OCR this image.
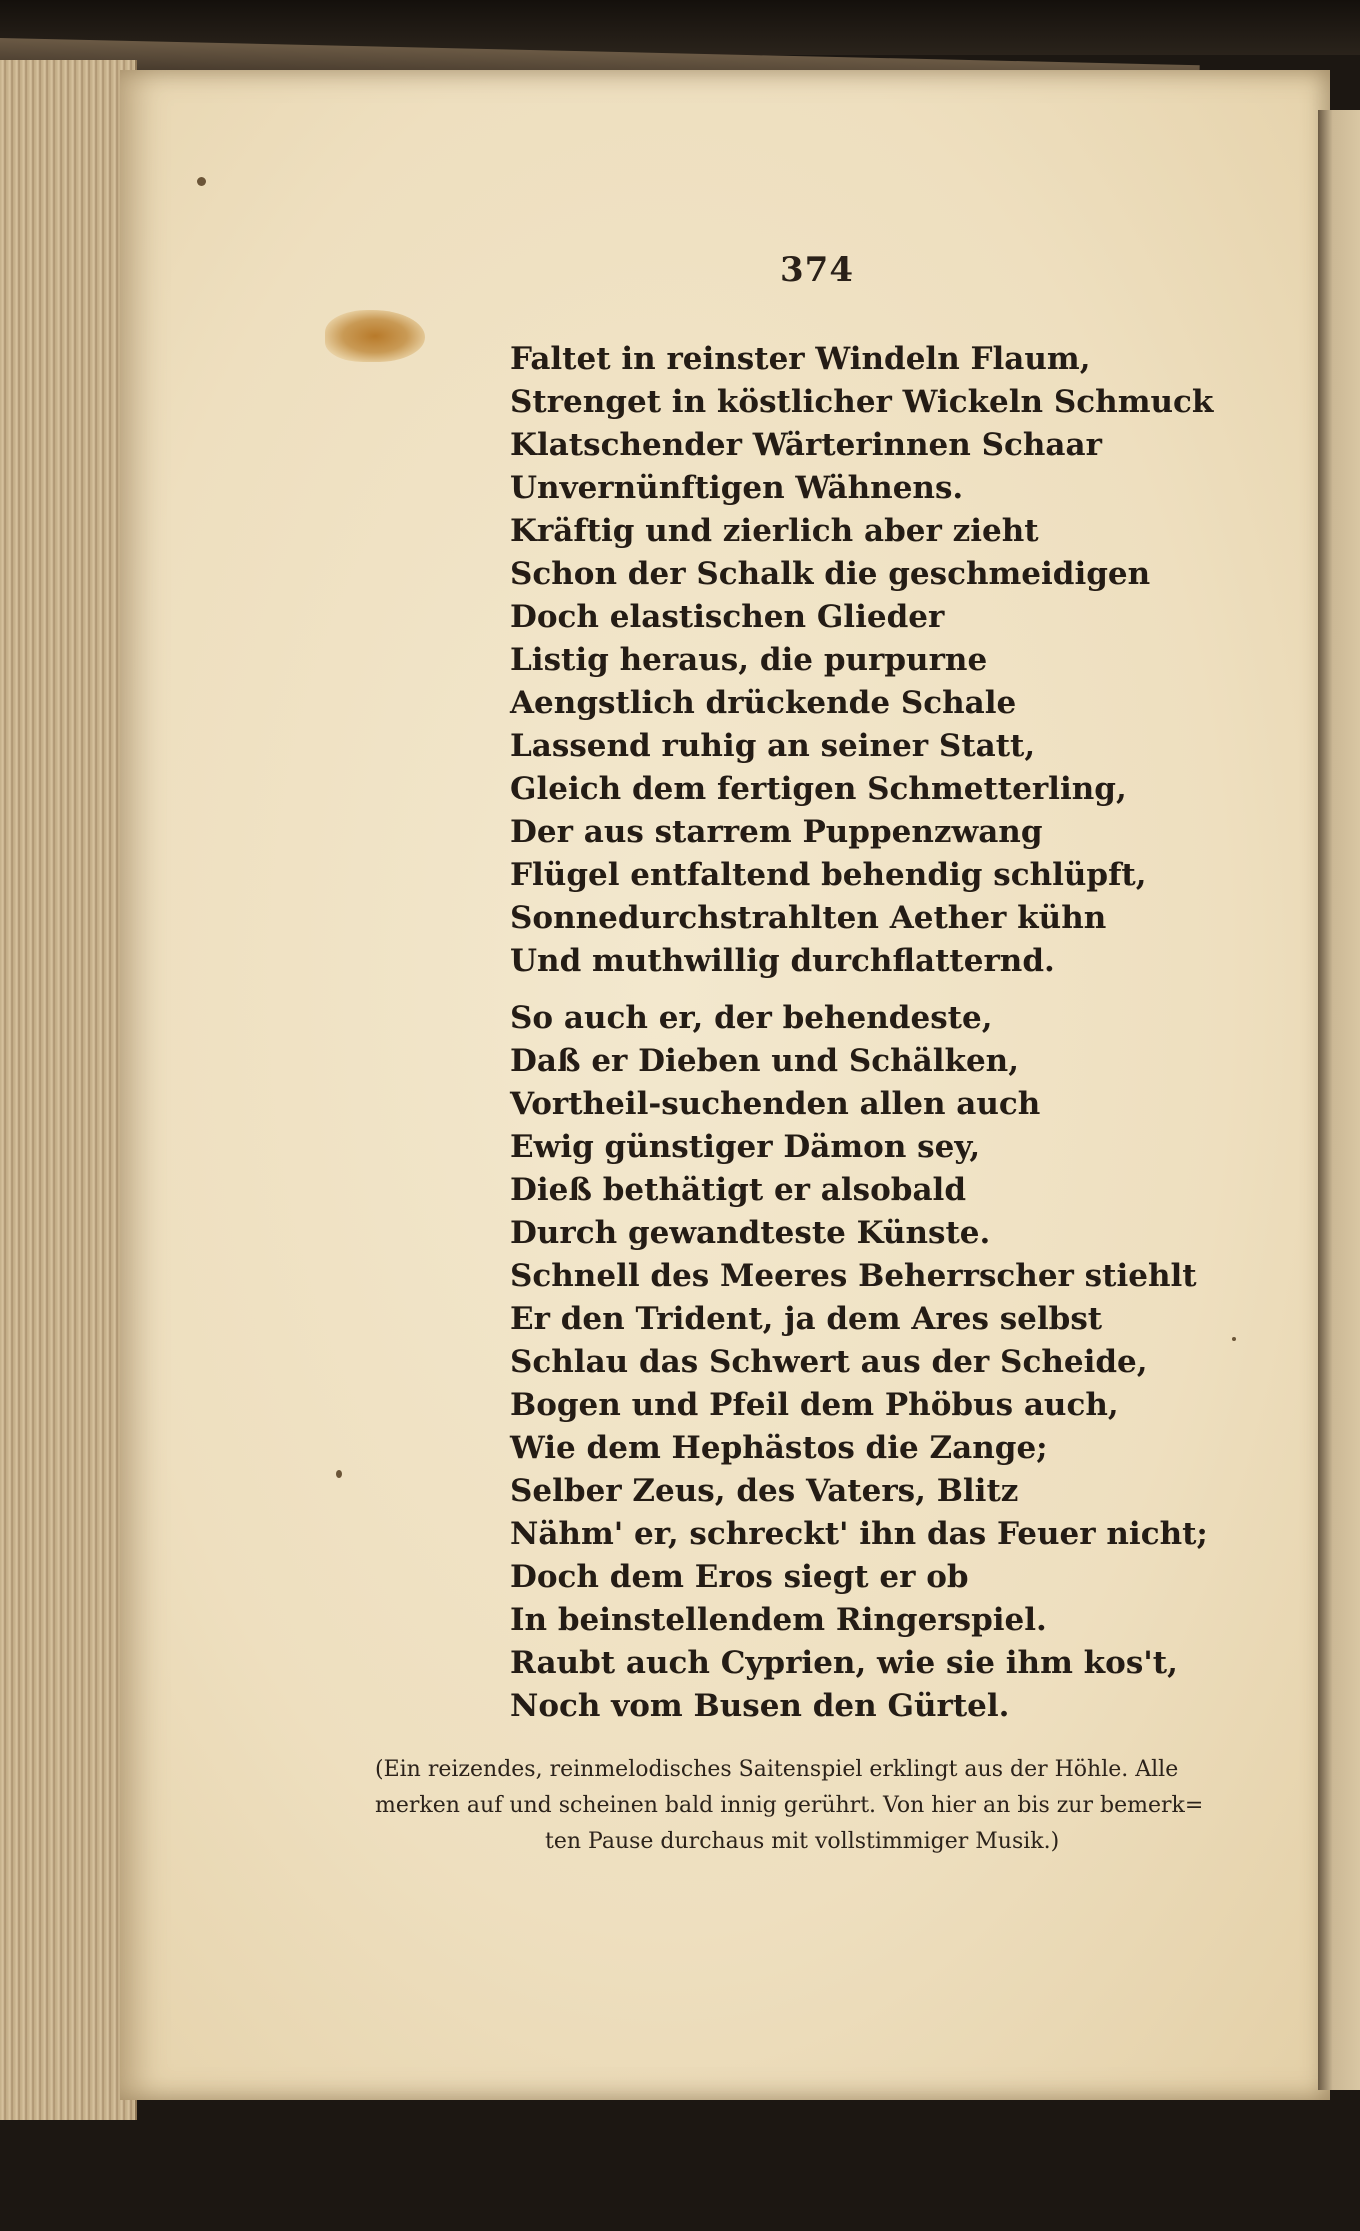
374
Faltet in reinster Windeln Flaum,
Strenget in köstlicher Wickeln Schmuck
Klatschender Wärterinnen Schaar
Unvernünftigen Wähnens.
Kräftig und zierlich aber zieht
Schon der Schalk die geschmeidigen
Doch elastischen Glieder
Listig heraus, die purpurne
Aengstlich drückende Schale
Lassend ruhig an seiner Statt,
Gleich dem fertigen Schmetterling,
Der aus starrem Puppenzwang
Flügel entfaltend behendig schlüpft,
Sonnedurchstrahlten Aether kühn
Und muthwillig durchflatternd.
So auch er, der behendeste,
Daß er Dieben und Schälken,
Vortheil-suchenden allen auch
Ewig günstiger Dämon sey,
Dieß bethätigt er alsobald
Durch gewandteste Künste.
Schnell des Meeres Beherrscher stiehlt
Er den Trident, ja dem Ares selbst
Schlau das Schwert aus der Scheide,
Bogen und Pfeil dem Phöbus auch,
Wie dem Hephästos die Zange;
Selber Zeus, des Vaters, Blitz
Nähm' er, schreckt' ihn das Feuer nicht;
Doch dem Eros siegt er ob
In beinstellendem Ringerspiel.
Raubt auch Cyprien, wie sie ihm kos't,
Noch vom Busen den Gürtel.
(Ein reizendes, reinmelodisches Saitenspiel erklingt aus der Höhle. Alle
merken auf und scheinen bald innig gerührt. Von hier an bis zur bemerk=
ten Pause durchaus mit vollstimmiger Musik.)
